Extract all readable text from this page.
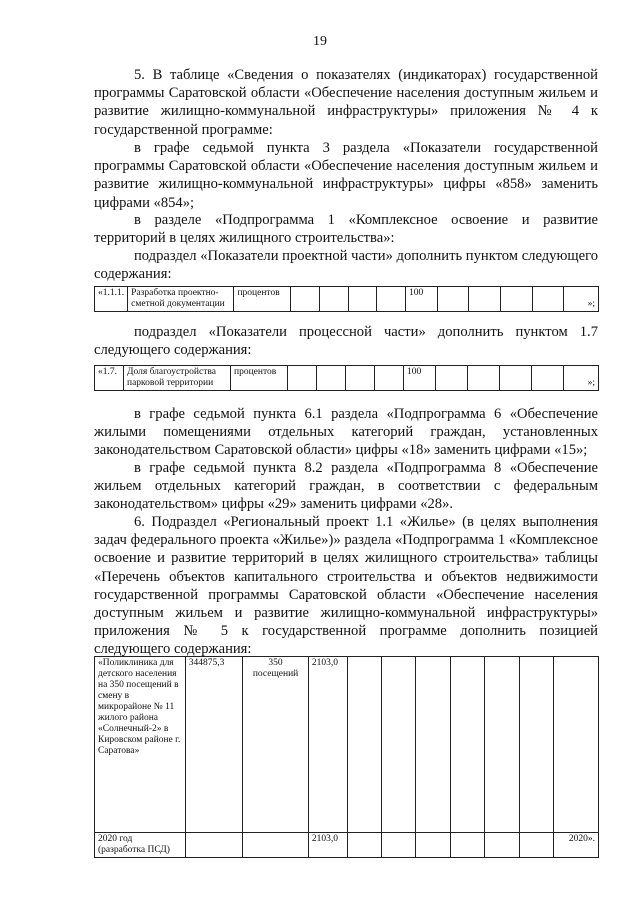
19

5. В таблице «Сведения о показателях (индикаторах) государственной программы Саратовской области «Обеспечение населения доступным жильем и развитие жилищно-коммунальной инфраструктуры» приложения № 4 к государственной программе:

в графе седьмой пункта 3 раздела «Показатели государственной программы Саратовской области «Обеспечение населения доступным жильем и развитие жилищно-коммунальной инфраструктуры» цифры «858» заменить цифрами «854»;

в разделе «Подпрограмма 1 «Комплексное освоение и развитие территорий в целях жилищного строительства»:

подраздел «Показатели проектной части» дополнить пунктом следующего содержания:

«1.1.1.	Разработка проектно-сметной документации	процентов					100					»;

подраздел «Показатели процессной части» дополнить пунктом 1.7 следующего содержания:

«1.7.	Доля благоустройства парковой территории	процентов					100					»;

в графе седьмой пункта 6.1 раздела «Подпрограмма 6 «Обеспечение жилыми помещениями отдельных категорий граждан, установленных законодательством Саратовской области» цифры «18» заменить цифрами «15»;

в графе седьмой пункта 8.2 раздела «Подпрограмма 8 «Обеспечение жильем отдельных категорий граждан, в соответствии с федеральным законодательством» цифры «29» заменить цифрами «28».

6. Подраздел «Региональный проект 1.1 «Жилье» (в целях выполнения задач федерального проекта «Жилье»)» раздела «Подпрограмма 1 «Комплексное освоение и развитие территорий в целях жилищного строительства» таблицы «Перечень объектов капитального строительства и объектов недвижимости государственной программы Саратовской области «Обеспечение населения доступным жильем и развитие жилищно-коммунальной инфраструктуры» приложения № 5 к государственной программе дополнить позицией следующего содержания:

«Поликлиника для детского населения на 350 посещений в смену в микрорайоне № 11 жилого района «Солнечный-2» в Кировском районе г. Саратова»	344875,3	350 посещений	2103,0							
2020 год (разработка ПСД)			2103,0							2020».
